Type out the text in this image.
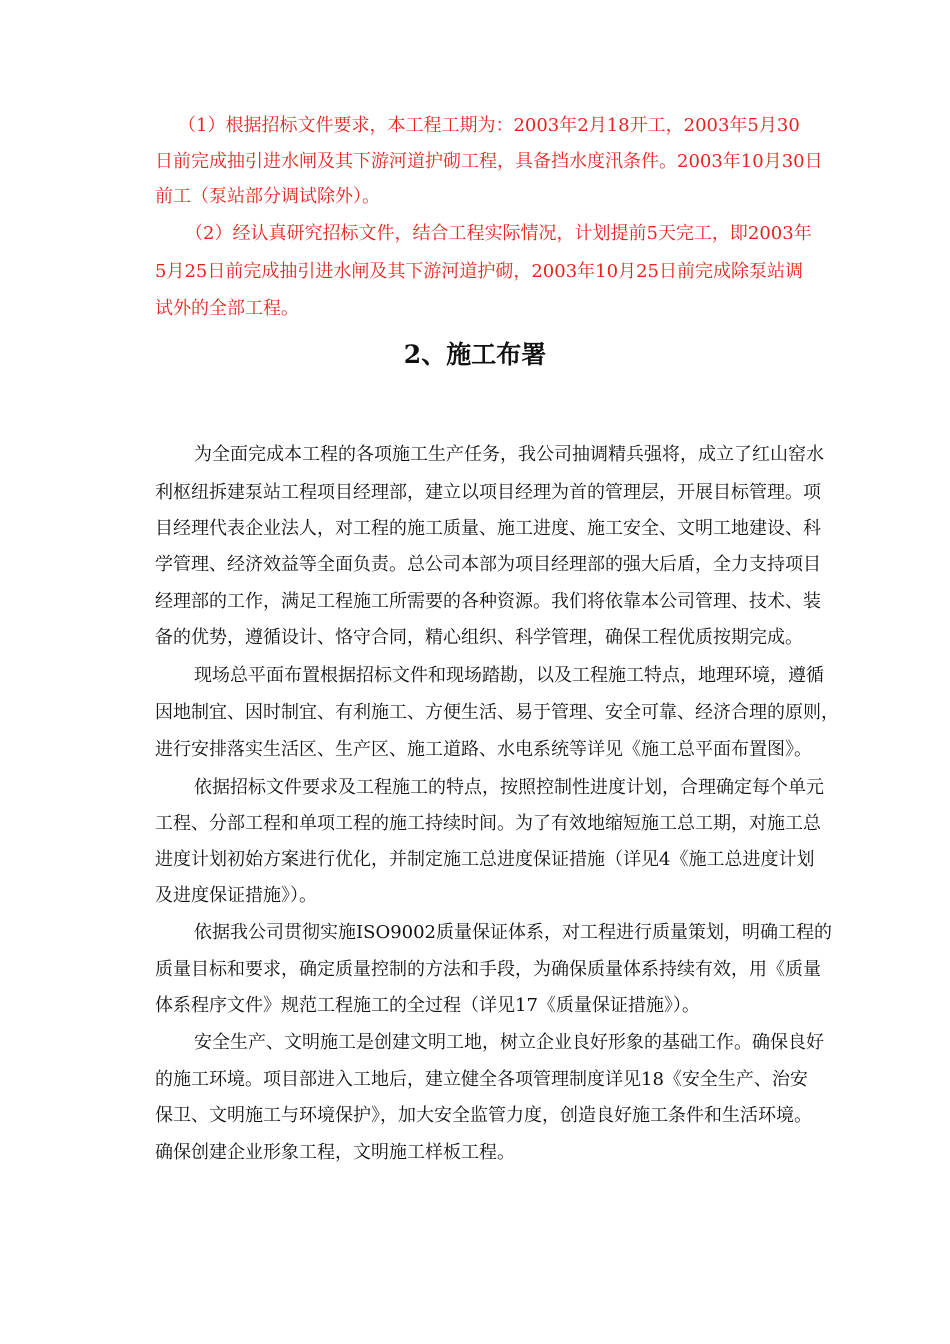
（1）根据招标文件要求，本工程工期为：2003年2月18开工，2003年5月30
日前完成抽引进水闸及其下游河道护砌工程，具备挡水度汛条件。2003年10月30日
前工（泵站部分调试除外）。
（2）经认真研究招标文件，结合工程实际情况，计划提前5天完工，即2003年
5月25日前完成抽引进水闸及其下游河道护砌，2003年10月25日前完成除泵站调
试外的全部工程。
2、施工布署
为全面完成本工程的各项施工生产任务，我公司抽调精兵强将，成立了红山窑水
利枢纽拆建泵站工程项目经理部，建立以项目经理为首的管理层，开展目标管理。项
目经理代表企业法人，对工程的施工质量、施工进度、施工安全、文明工地建设、科
学管理、经济效益等全面负责。总公司本部为项目经理部的强大后盾，全力支持项目
经理部的工作，满足工程施工所需要的各种资源。我们将依靠本公司管理、技术、装
备的优势，遵循设计、恪守合同，精心组织、科学管理，确保工程优质按期完成。
现场总平面布置根据招标文件和现场踏勘，以及工程施工特点，地理环境，遵循
因地制宜、因时制宜、有利施工、方便生活、易于管理、安全可靠、经济合理的原则，
进行安排落实生活区、生产区、施工道路、水电系统等详见《施工总平面布置图》。
依据招标文件要求及工程施工的特点，按照控制性进度计划，合理确定每个单元
工程、分部工程和单项工程的施工持续时间。为了有效地缩短施工总工期，对施工总
进度计划初始方案进行优化，并制定施工总进度保证措施（详见4《施工总进度计划
及进度保证措施》）。
依据我公司贯彻实施ISO9002质量保证体系，对工程进行质量策划，明确工程的
质量目标和要求，确定质量控制的方法和手段，为确保质量体系持续有效，用《质量
体系程序文件》规范工程施工的全过程（详见17《质量保证措施》）。
安全生产、文明施工是创建文明工地，树立企业良好形象的基础工作。确保良好
的施工环境。项目部进入工地后，建立健全各项管理制度详见18《安全生产、治安
保卫、文明施工与环境保护》，加大安全监管力度，创造良好施工条件和生活环境。
确保创建企业形象工程，文明施工样板工程。
